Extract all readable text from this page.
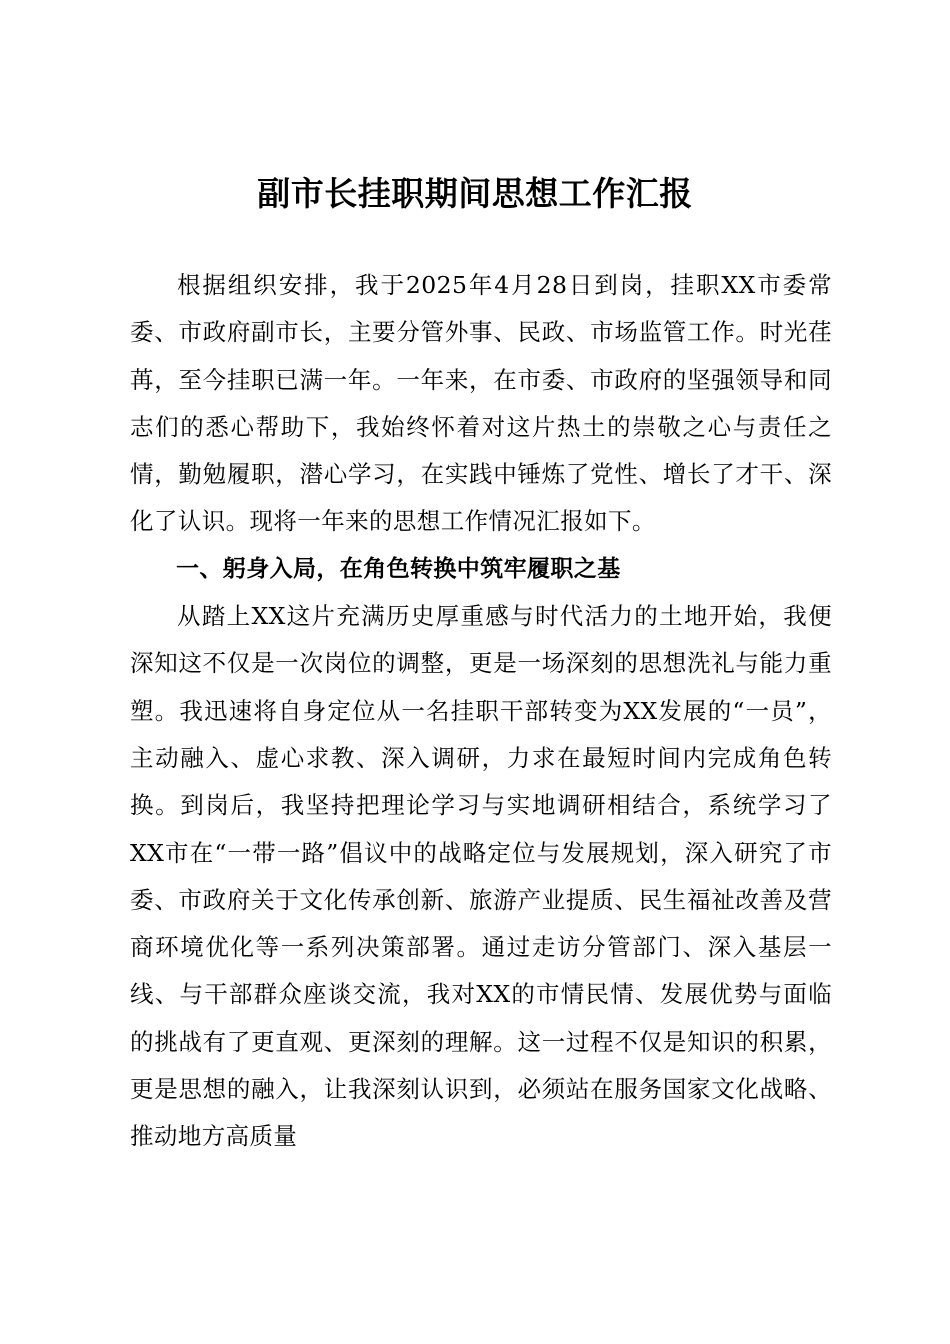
副市长挂职期间思想工作汇报

根据组织安排，我于2025年4月28日到岗，挂职XX市委常委、市政府副市长，主要分管外事、民政、市场监管工作。时光荏苒，至今挂职已满一年。一年来，在市委、市政府的坚强领导和同志们的悉心帮助下，我始终怀着对这片热土的崇敬之心与责任之情，勤勉履职，潜心学习，在实践中锤炼了党性、增长了才干、深化了认识。现将一年来的思想工作情况汇报如下。

一、躬身入局，在角色转换中筑牢履职之基

从踏上XX这片充满历史厚重感与时代活力的土地开始，我便深知这不仅是一次岗位的调整，更是一场深刻的思想洗礼与能力重塑。我迅速将自身定位从一名挂职干部转变为XX发展的“一员”，主动融入、虚心求教、深入调研，力求在最短时间内完成角色转换。到岗后，我坚持把理论学习与实地调研相结合，系统学习了XX市在“一带一路”倡议中的战略定位与发展规划，深入研究了市委、市政府关于文化传承创新、旅游产业提质、民生福祉改善及营商环境优化等一系列决策部署。通过走访分管部门、深入基层一线、与干部群众座谈交流，我对XX的市情民情、发展优势与面临的挑战有了更直观、更深刻的理解。这一过程不仅是知识的积累，更是思想的融入，让我深刻认识到，必须站在服务国家文化战略、推动地方高质量
